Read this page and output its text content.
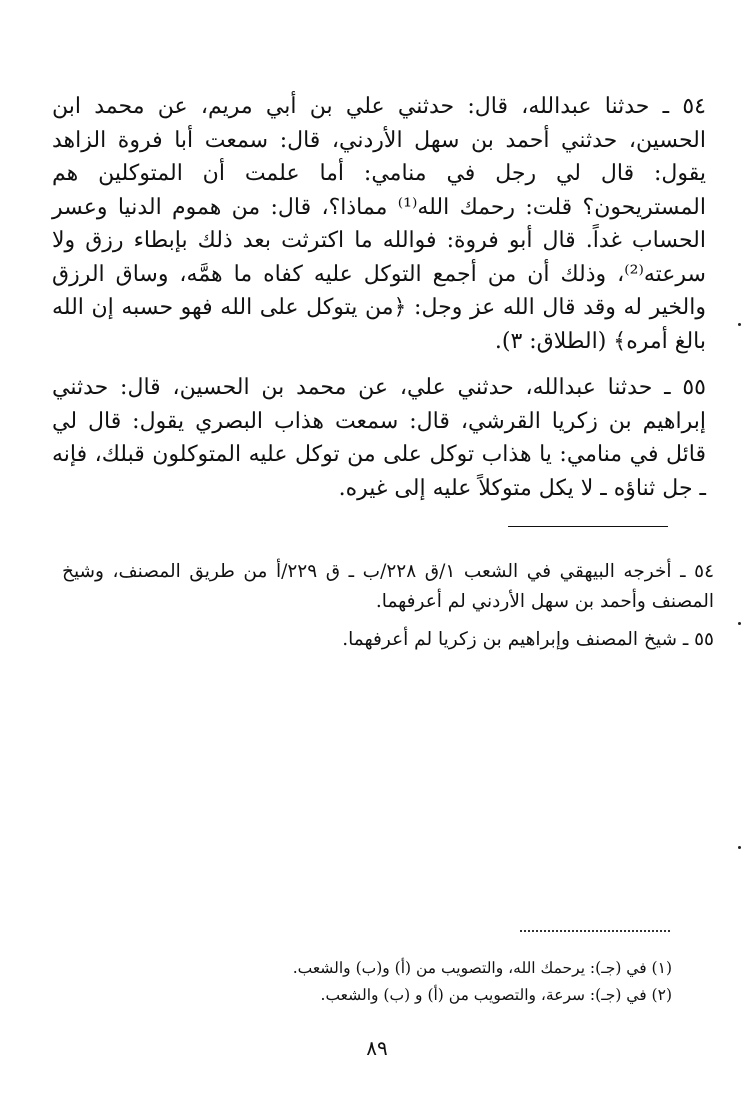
٥٤ ـ حدثنا عبدالله، قال: حدثني علي بن أبي مريم، عن محمد ابن الحسين، حدثني أحمد بن سهل الأردني، قال: سمعت أبا فروة الزاهد يقول: قال لي رجل في منامي: أما علمت أن المتوكلين هم المستريحون؟ قلت: رحمك الله⁽¹⁾ مماذا؟، قال: من هموم الدنيا وعسر الحساب غداً. قال أبو فروة: فوالله ما اكترثت بعد ذلك بإبطاء رزق ولا سرعته⁽²⁾، وذلك أن من أجمع التوكل عليه كفاه ما همَّه، وساق الرزق والخير له وقد قال الله عز وجل: ﴿من يتوكل على الله فهو حسبه إن الله بالغ أمره﴾ (الطلاق: ٣).
٥٥ ـ حدثنا عبدالله، حدثني علي، عن محمد بن الحسين، قال: حدثني إبراهيم بن زكريا القرشي، قال: سمعت هذاب البصري يقول: قال لي قائل في منامي: يا هذاب توكل على من توكل عليه المتوكلون قبلك، فإنه ـ جل ثناؤه ـ لا يكل متوكلاً عليه إلى غيره.
٥٤ ـ أخرجه البيهقي في الشعب ١/ق ٢٢٨/ب ـ ق ٢٢٩/أ من طريق المصنف، وشيخ المصنف وأحمد بن سهل الأردني لم أعرفهما.
٥٥ ـ شيخ المصنف وإبراهيم بن زكريا لم أعرفهما.
(١) في (جـ): يرحمك الله، والتصويب من (أ) و(ب) والشعب.
(٢) في (جـ): سرعة، والتصويب من (أ) و (ب) والشعب.
٨٩
